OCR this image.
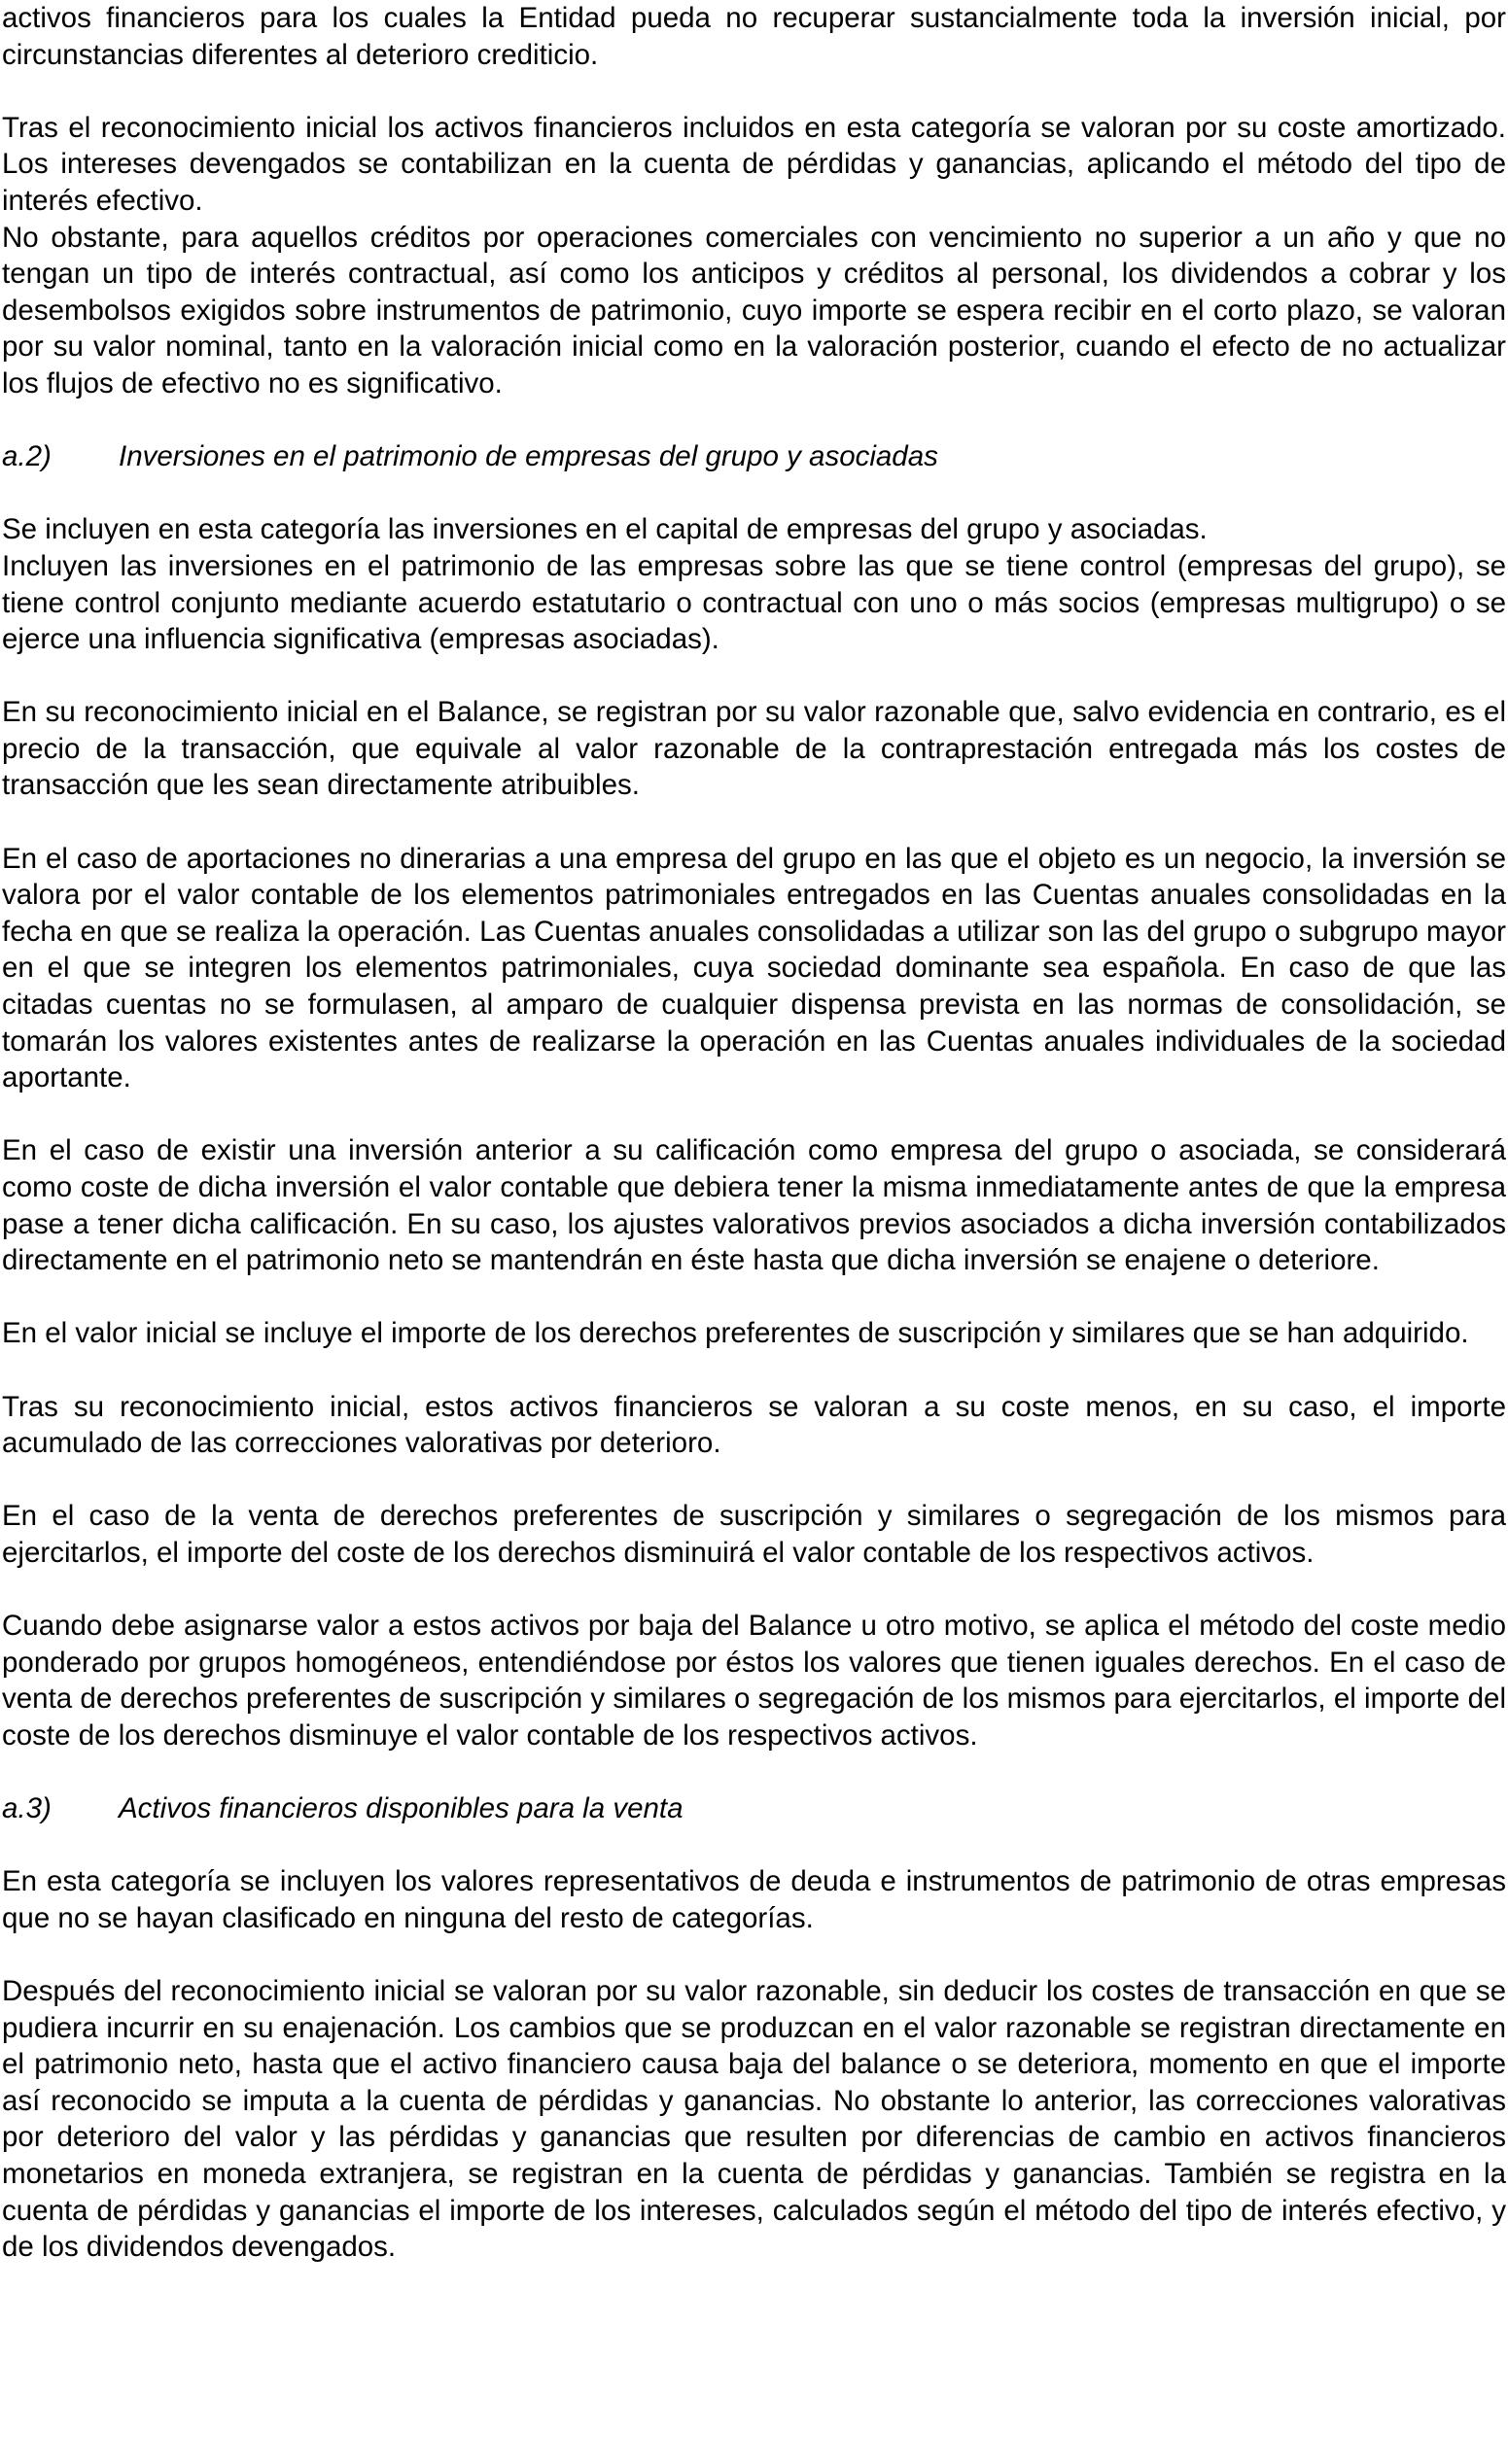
activos financieros para los cuales la Entidad pueda no recuperar sustancialmente toda la inversión inicial, por circunstancias diferentes al deterioro crediticio.

Tras el reconocimiento inicial los activos financieros incluidos en esta categoría se valoran por su coste amortizado. Los intereses devengados se contabilizan en la cuenta de pérdidas y ganancias, aplicando el método del tipo de interés efectivo.

No obstante, para aquellos créditos por operaciones comerciales con vencimiento no superior a un año y que no tengan un tipo de interés contractual, así como los anticipos y créditos al personal, los dividendos a cobrar y los desembolsos exigidos sobre instrumentos de patrimonio, cuyo importe se espera recibir en el corto plazo, se valoran por su valor nominal, tanto en la valoración inicial como en la valoración posterior, cuando el efecto de no actualizar los flujos de efectivo no es significativo.

a.2) Inversiones en el patrimonio de empresas del grupo y asociadas

Se incluyen en esta categoría las inversiones en el capital de empresas del grupo y asociadas.

Incluyen las inversiones en el patrimonio de las empresas sobre las que se tiene control (empresas del grupo), se tiene control conjunto mediante acuerdo estatutario o contractual con uno o más socios (empresas multigrupo) o se ejerce una influencia significativa (empresas asociadas).

En su reconocimiento inicial en el Balance, se registran por su valor razonable que, salvo evidencia en contrario, es el precio de la transacción, que equivale al valor razonable de la contraprestación entregada más los costes de transacción que les sean directamente atribuibles.

En el caso de aportaciones no dinerarias a una empresa del grupo en las que el objeto es un negocio, la inversión se valora por el valor contable de los elementos patrimoniales entregados en las Cuentas anuales consolidadas en la fecha en que se realiza la operación. Las Cuentas anuales consolidadas a utilizar son las del grupo o subgrupo mayor en el que se integren los elementos patrimoniales, cuya sociedad dominante sea española. En caso de que las citadas cuentas no se formulasen, al amparo de cualquier dispensa prevista en las normas de consolidación, se tomarán los valores existentes antes de realizarse la operación en las Cuentas anuales individuales de la sociedad aportante.

En el caso de existir una inversión anterior a su calificación como empresa del grupo o asociada, se considerará como coste de dicha inversión el valor contable que debiera tener la misma inmediatamente antes de que la empresa pase a tener dicha calificación. En su caso, los ajustes valorativos previos asociados a dicha inversión contabilizados directamente en el patrimonio neto se mantendrán en éste hasta que dicha inversión se enajene o deteriore.

En el valor inicial se incluye el importe de los derechos preferentes de suscripción y similares que se han adquirido.

Tras su reconocimiento inicial, estos activos financieros se valoran a su coste menos, en su caso, el importe acumulado de las correcciones valorativas por deterioro.

En el caso de la venta de derechos preferentes de suscripción y similares o segregación de los mismos para ejercitarlos, el importe del coste de los derechos disminuirá el valor contable de los respectivos activos.

Cuando debe asignarse valor a estos activos por baja del Balance u otro motivo, se aplica el método del coste medio ponderado por grupos homogéneos, entendiéndose por éstos los valores que tienen iguales derechos. En el caso de venta de derechos preferentes de suscripción y similares o segregación de los mismos para ejercitarlos, el importe del coste de los derechos disminuye el valor contable de los respectivos activos.

a.3) Activos financieros disponibles para la venta

En esta categoría se incluyen los valores representativos de deuda e instrumentos de patrimonio de otras empresas que no se hayan clasificado en ninguna del resto de categorías.

Después del reconocimiento inicial se valoran por su valor razonable, sin deducir los costes de transacción en que se pudiera incurrir en su enajenación. Los cambios que se produzcan en el valor razonable se registran directamente en el patrimonio neto, hasta que el activo financiero causa baja del balance o se deteriora, momento en que el importe así reconocido se imputa a la cuenta de pérdidas y ganancias. No obstante lo anterior, las correcciones valorativas por deterioro del valor y las pérdidas y ganancias que resulten por diferencias de cambio en activos financieros monetarios en moneda extranjera, se registran en la cuenta de pérdidas y ganancias. También se registra en la cuenta de pérdidas y ganancias el importe de los intereses, calculados según el método del tipo de interés efectivo, y de los dividendos devengados.
